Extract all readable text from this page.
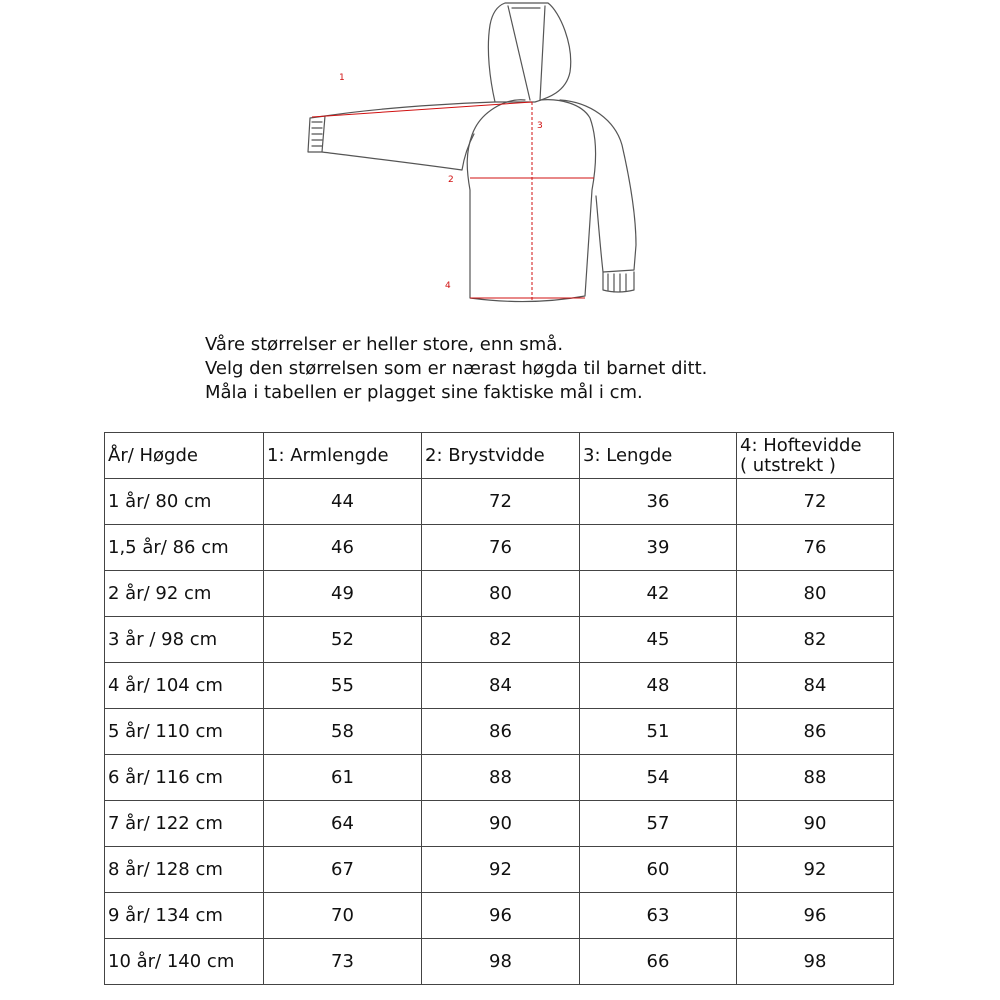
1
2
3
4
Våre størrelser er heller store, enn små.
Velg den størrelsen som er nærast høgda til barnet ditt.
Måla i tabellen er plagget sine faktiske mål i cm.
År/ Høgde	1: Armlengde	2: Brystvidde	3: Lengde	4: Hoftevidde
( utstrekt )
1 år/ 80 cm	44	72	36	72
1,5 år/ 86 cm	46	76	39	76
2 år/ 92 cm	49	80	42	80
3 år / 98 cm	52	82	45	82
4 år/ 104 cm	55	84	48	84
5 år/ 110 cm	58	86	51	86
6 år/ 116 cm	61	88	54	88
7 år/ 122 cm	64	90	57	90
8 år/ 128 cm	67	92	60	92
9 år/ 134 cm	70	96	63	96
10 år/ 140 cm	73	98	66	98
